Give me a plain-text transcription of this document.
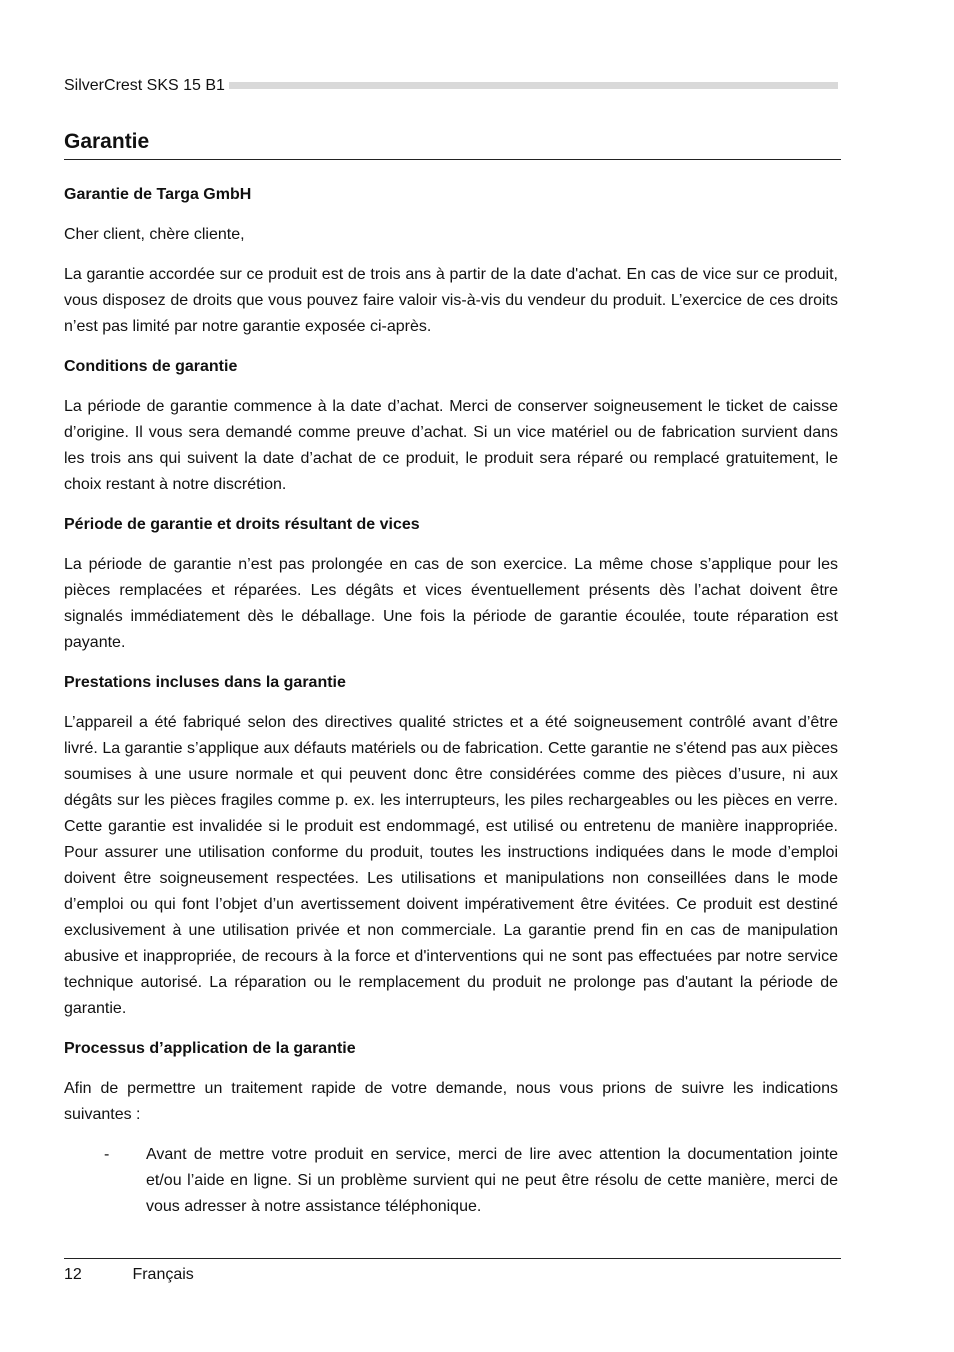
SilverCrest SKS 15 B1
Garantie
Garantie de Targa GmbH

Cher client, chère cliente,

La garantie accordée sur ce produit est de trois ans à partir de la date d'achat. En cas de vice sur ce produit, vous disposez de droits que vous pouvez faire valoir vis-à-vis du vendeur du produit. L’exercice de ces droits n’est pas limité par notre garantie exposée ci-après.

Conditions de garantie

La période de garantie commence à la date d’achat. Merci de conserver soigneusement le ticket de caisse d’origine. Il vous sera demandé comme preuve d’achat. Si un vice matériel ou de fabrication survient dans les trois ans qui suivent la date d’achat de ce produit, le produit sera réparé ou remplacé gratuitement, le choix restant à notre discrétion.

Période de garantie et droits résultant de vices

La période de garantie n’est pas prolongée en cas de son exercice. La même chose s’applique pour les pièces remplacées et réparées. Les dégâts et vices éventuellement présents dès l’achat doivent être signalés immédiatement dès le déballage. Une fois la période de garantie écoulée, toute réparation est payante.

Prestations incluses dans la garantie

L’appareil a été fabriqué selon des directives qualité strictes et a été soigneusement contrôlé avant d’être livré. La garantie s’applique aux défauts matériels ou de fabrication. Cette garantie ne s'étend pas aux pièces soumises à une usure normale et qui peuvent donc être considérées comme des pièces d’usure, ni aux dégâts sur les pièces fragiles comme p. ex. les interrupteurs, les piles rechargeables ou les pièces en verre. Cette garantie est invalidée si le produit est endommagé, est utilisé ou entretenu de manière inappropriée. Pour assurer une utilisation conforme du produit, toutes les instructions indiquées dans le mode d’emploi doivent être soigneusement respectées. Les utilisations et manipulations non conseillées dans le mode d’emploi ou qui font l’objet d’un avertissement doivent impérativement être évitées. Ce produit est destiné exclusivement à une utilisation privée et non commerciale. La garantie prend fin en cas de manipulation abusive et inappropriée, de recours à la force et d'interventions qui ne sont pas effectuées par notre service technique autorisé. La réparation ou le remplacement du produit ne prolonge pas d'autant la période de garantie.

Processus d’application de la garantie

Afin de permettre un traitement rapide de votre demande, nous vous prions de suivre les indications suivantes :

-	Avant de mettre votre produit en service, merci de lire avec attention la documentation jointe et/ou l’aide en ligne. Si un problème survient qui ne peut être résolu de cette manière, merci de vous adresser à notre assistance téléphonique.
12	Français
